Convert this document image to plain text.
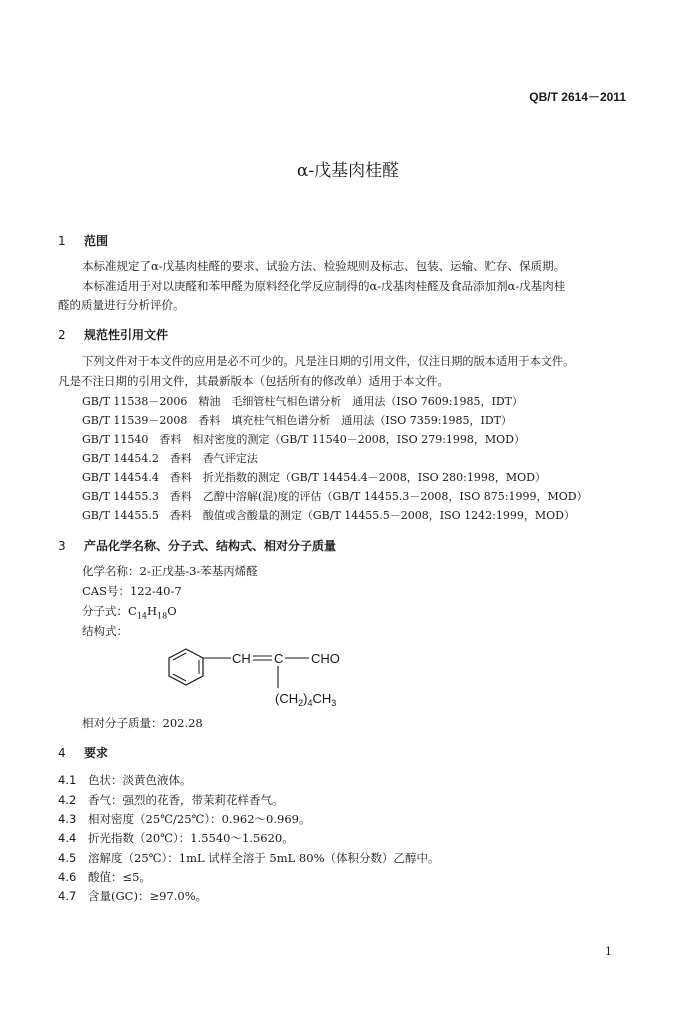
QB/T 2614－2011
α-戊基肉桂醛
1 范围
本标准规定了α-戊基肉桂醛的要求、试验方法、检验规则及标志、包装、运输、贮存、保质期。
本标准适用于对以庚醛和苯甲醛为原料经化学反应制得的α-戊基肉桂醛及食品添加剂α-戊基肉桂
醛的质量进行分析评价。
2 规范性引用文件
下列文件对于本文件的应用是必不可少的。凡是注日期的引用文件，仅注日期的版本适用于本文件。
凡是不注日期的引用文件，其最新版本（包括所有的修改单）适用于本文件。
GB/T 11538－2006　精油　毛细管柱气相色谱分析　通用法（ISO 7609:1985，IDT）
GB/T 11539－2008　香料　填充柱气相色谱分析　通用法（ISO 7359:1985，IDT）
GB/T 11540　香料　相对密度的测定（GB/T 11540－2008，ISO 279:1998，MOD）
GB/T 14454.2　香料　香气评定法
GB/T 14454.4　香料　折光指数的测定（GB/T 14454.4－2008，ISO 280:1998，MOD）
GB/T 14455.3　香料　乙醇中溶解(混)度的评估（GB/T 14455.3－2008，ISO 875:1999，MOD）
GB/T 14455.5　香料　酸值或含酸量的测定（GB/T 14455.5－2008，ISO 1242:1999，MOD）
3 产品化学名称、分子式、结构式、相对分子质量
化学名称：2-正戊基-3-苯基丙烯醛
CAS号：122-40-7
分子式：$C_{14}H_{18}O$
结构式：
CH C CHO
$(CH_2)_4CH_3$
相对分子质量：202.28
4 要求
4.1 色状：淡黄色液体。
4.2 香气：强烈的花香，带茉莉花样香气。
4.3 相对密度（25℃/25℃）：0.962～0.969。
4.4 折光指数（20℃）：1.5540～1.5620。
4.5 溶解度（25℃）：1mL 试样全溶于 5mL 80%（体积分数）乙醇中。
4.6 酸值：≤5。
4.7 含量(GC)：≥97.0%。
1
